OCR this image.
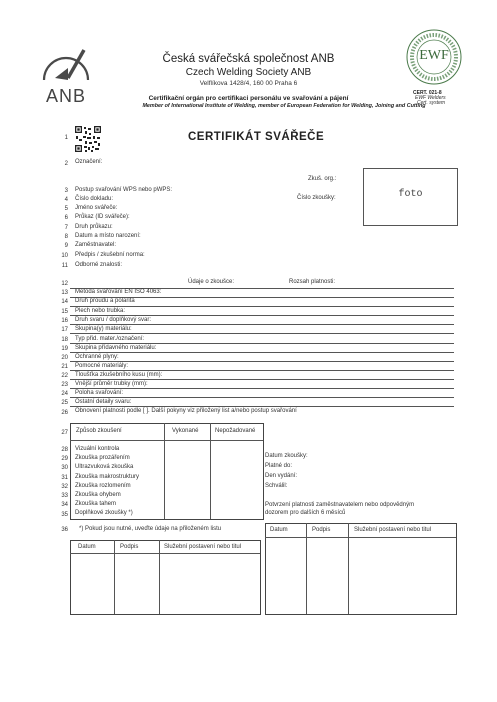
ANB
Česká svářečská společnost ANB
Czech Welding Society ANB
Velflíkova 1428/4, 160 00 Praha 6
Certifikační orgán pro certifikaci personálu ve svařování a pájení
Member of International Institute of Welding, member of European Federation for Welding, Joining and Cutting
EWF
CERT. 021-8
EWF Welders
Cert. system
CERTIFIKÁT SVÁŘEČE
foto
Zkuš. org.:
Číslo zkoušky:
1
2 Označení:
3 Postup svařování WPS nebo pWPS:
4 Číslo dokladu:
5 Jméno svářeče:
6 Průkaz (ID svářeče):
7 Druh průkazu:
8 Datum a místo narození:
9 Zaměstnavatel:
10 Předpis / zkušební norma:
11 Odborné znalosti:
12	Údaje o zkoušce:	Rozsah platnosti:
13 Metoda svařování EN ISO 4063:
14 Druh proudu a polarita
15 Plech nebo trubka:
16 Druh svaru / doplňkový svar:
17 Skupina(y) materiálu:
18 Typ přid. mater./označení:
19 Skupina přídavného materiálu:
20 Ochranné plyny:
21 Pomocné materiály:
22 Tloušťka zkušebního kusu (mm):
23 Vnější průměr trubky (mm):
24 Poloha svařování:
25 Ostatní detaily svaru:
26 Obnovení platnosti podle [ ]. Další pokyny viz přiložený list a/nebo postup svařování
27 Způsob zkoušení	Vykonané	Nepožadované
28 Vizuální kontrola
29 Zkouška prozářením
30 Ultrazvuková zkouška
31 Zkouška makrostruktury
32 Zkouška rozlomením
33 Zkouška ohybem
34 Zkouška tahem
35 Doplňkové zkoušky *)
Datum zkoušky:
Platné do:
Den vydání:
Schválil:
Potvrzení platnosti zaměstnavatelem nebo odpovědným
dozorem pro dalších 6 měsíců
36 *) Pokud jsou nutné, uveďte údaje na přiloženém listu	Datum	Podpis	Služební postavení nebo titul
Datum	Podpis	Služební postavení nebo titul
